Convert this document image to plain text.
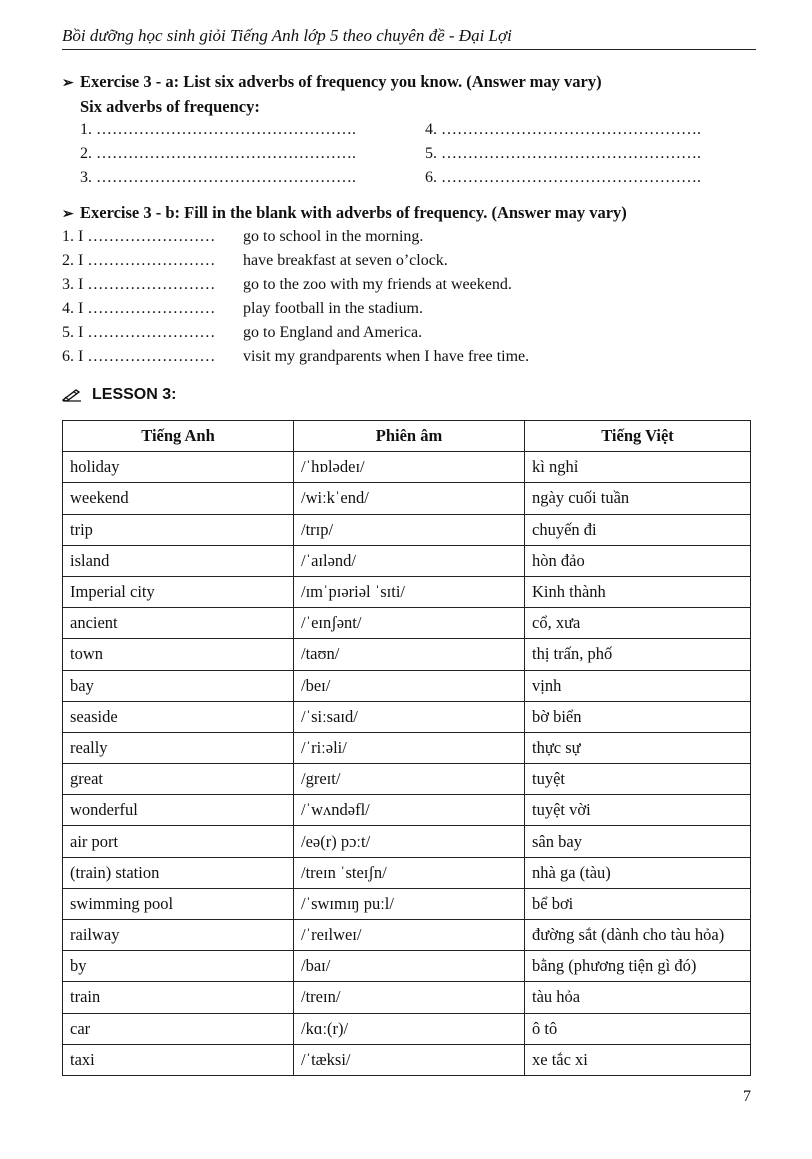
Bồi dưỡng học sinh giỏi Tiếng Anh lớp 5 theo chuyên đề - Đại Lợi
➢ Exercise 3 - a: List six adverbs of frequency you know. (Answer may vary)
Six adverbs of frequency:
1. ………………………………………….
2. ………………………………………….
3. ………………………………………….
4. ………………………………………….
5. ………………………………………….
6. ………………………………………….
➢ Exercise 3 - b: Fill in the blank with adverbs of frequency. (Answer may vary)
1. I ……………………	go to school in the morning.
2. I ……………………	have breakfast at seven o’clock.
3. I ……………………	go to the zoo with my friends at weekend.
4. I ……………………	play football in the stadium.
5. I ……………………	go to England and America.
6. I ……………………	visit my grandparents when I have free time.
LESSON 3:
Tiếng Anh	Phiên âm	Tiếng Việt
holiday	/ˈhɒlədeɪ/	kì nghỉ
weekend	/wiːkˈend/	ngày cuối tuần
trip	/trɪp/	chuyến đi
island	/ˈaɪlənd/	hòn đảo
Imperial city	/ɪmˈpɪəriəl ˈsɪti/	Kinh thành
ancient	/ˈeɪnʃənt/	cổ, xưa
town	/taʊn/	thị trấn, phố
bay	/beɪ/	vịnh
seaside	/ˈsiːsaɪd/	bờ biển
really	/ˈriːəli/	thực sự
great	/greɪt/	tuyệt
wonderful	/ˈwʌndəfl/	tuyệt vời
air port	/eə(r) pɔːt/	sân bay
(train) station	/treɪn ˈsteɪʃn/	nhà ga (tàu)
swimming pool	/ˈswɪmɪŋ puːl/	bể bơi
railway	/ˈreɪlweɪ/	đường sắt (dành cho tàu hỏa)
by	/baɪ/	bằng (phương tiện gì đó)
train	/treɪn/	tàu hỏa
car	/kɑː(r)/	ô tô
taxi	/ˈtæksi/	xe tắc xi
7
